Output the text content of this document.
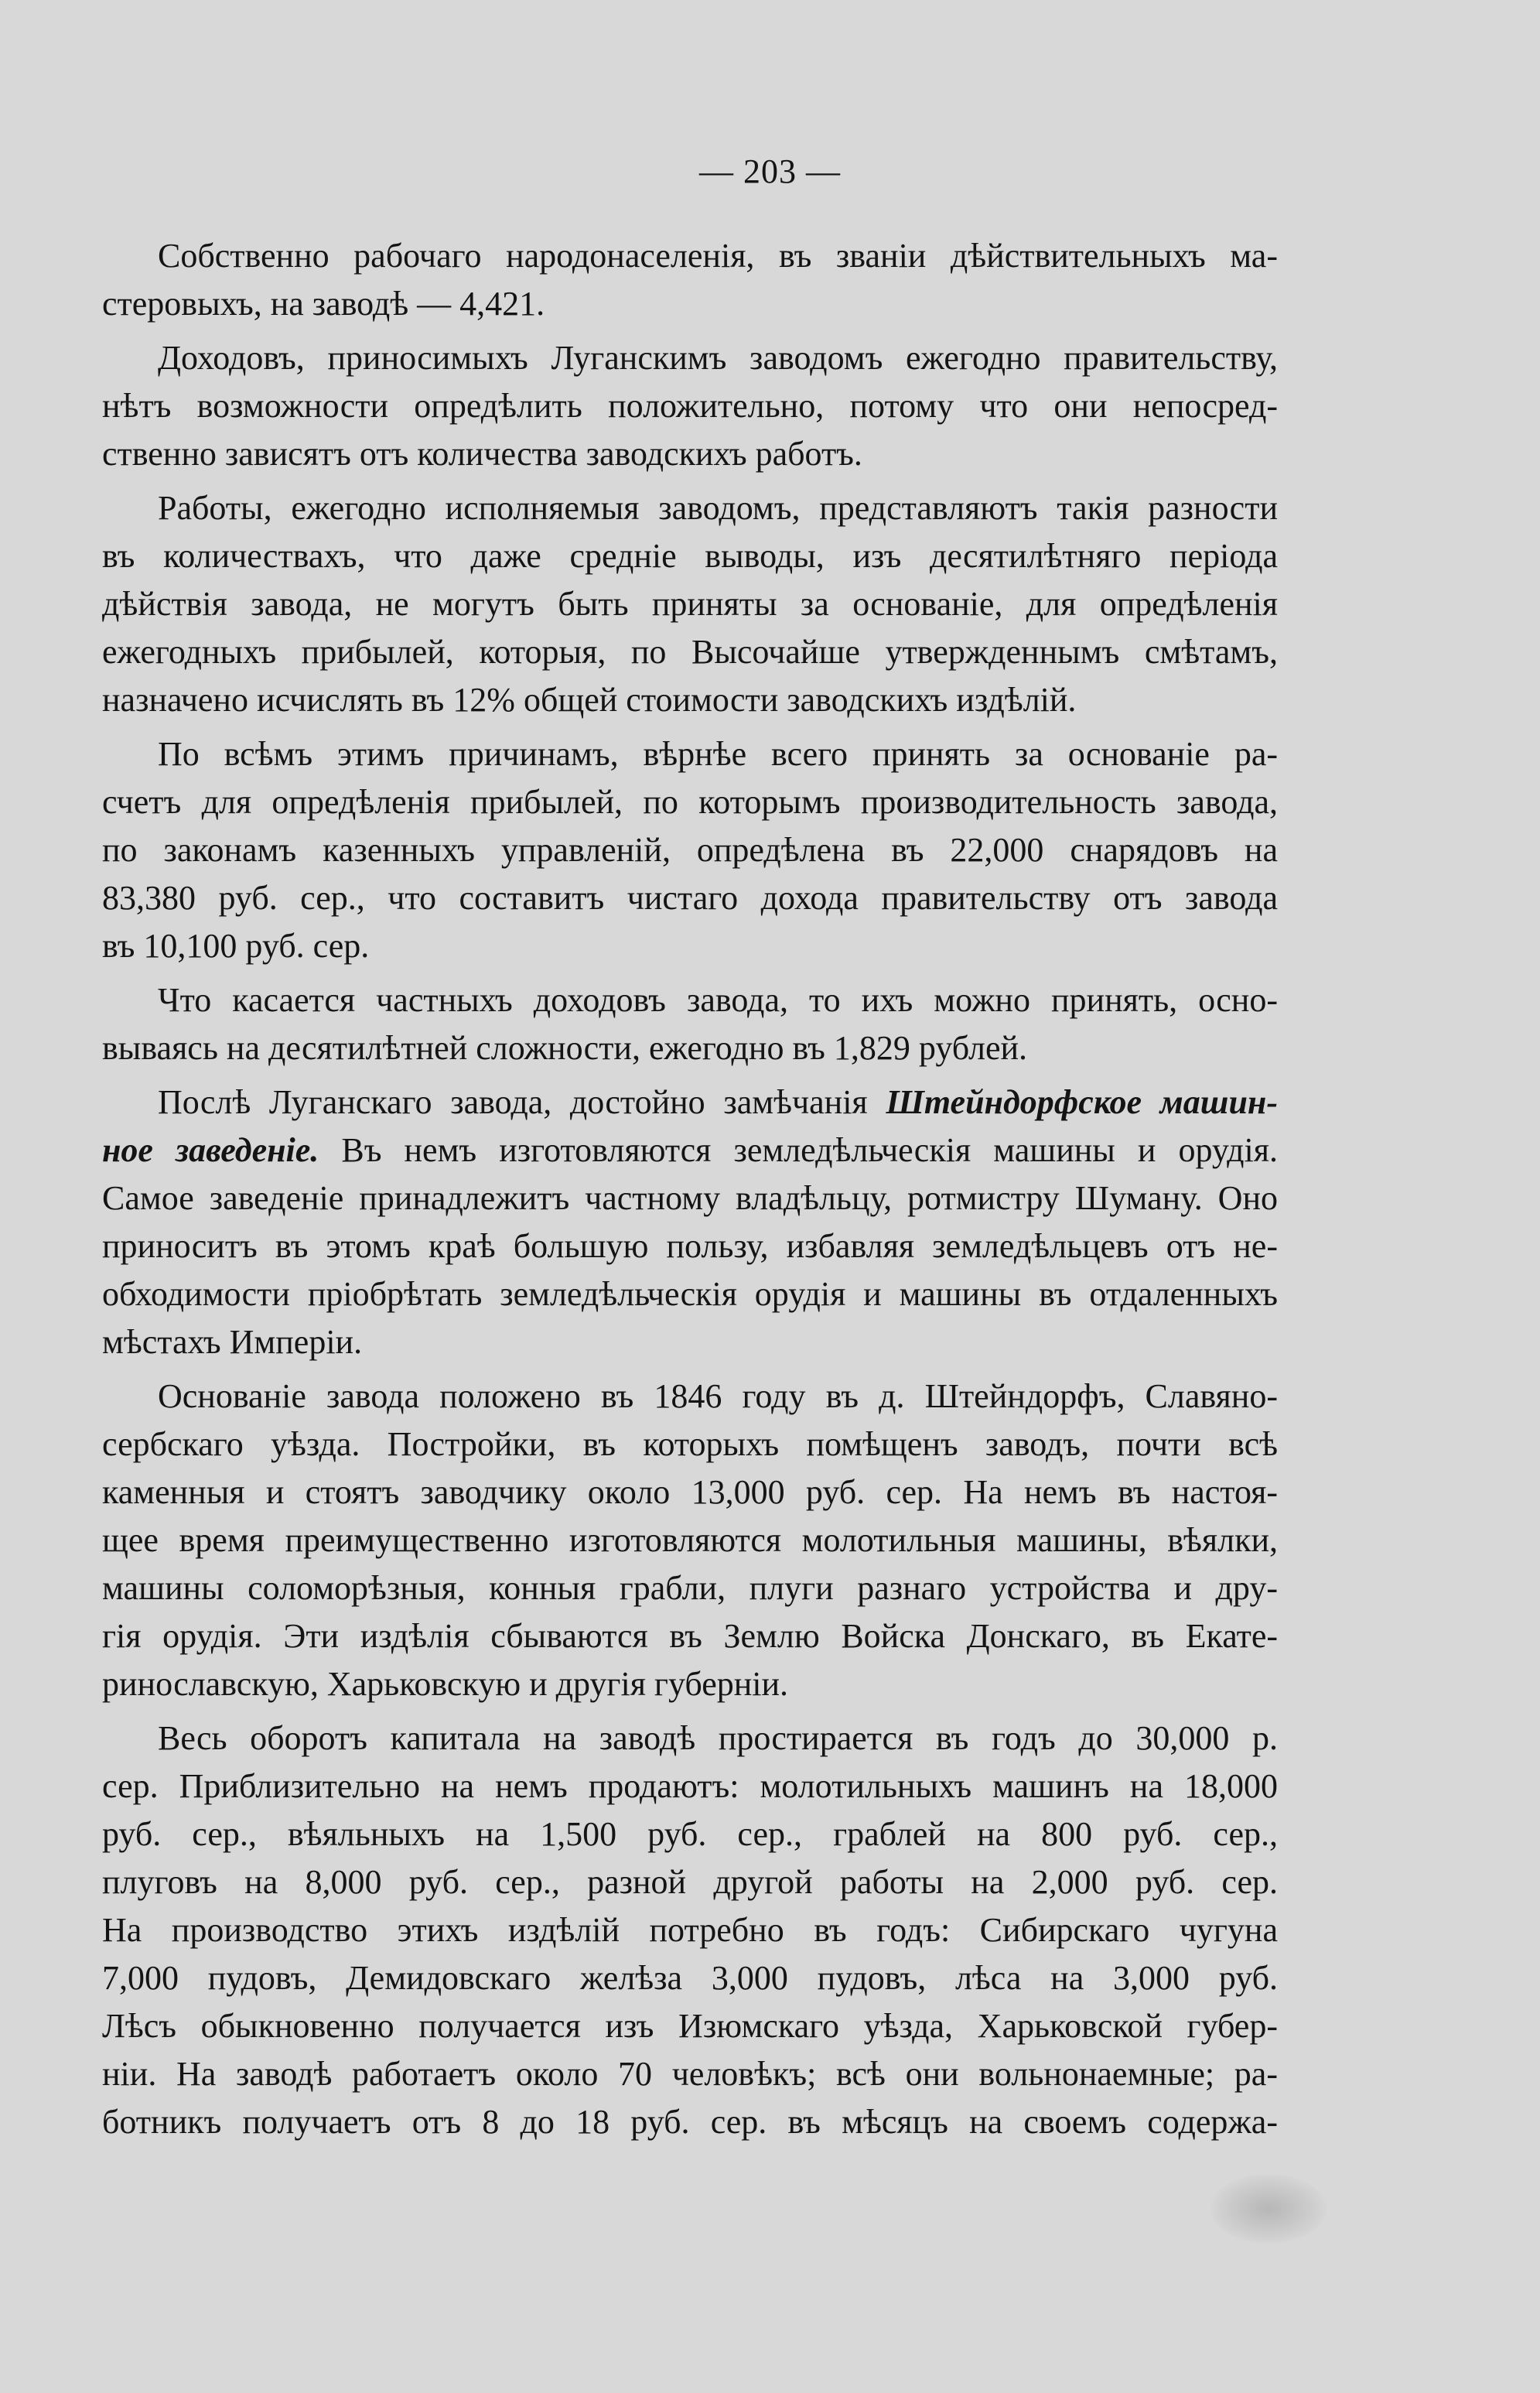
— 203 —
Собственно рабочаго народонаселенія, въ званіи дѣйствительныхъ ма-
стеровыхъ, на заводѣ — 4,421.
Доходовъ, приносимыхъ Луганскимъ заводомъ ежегодно правительству,
нѣтъ возможности опредѣлить положительно, потому что они непосред-
ственно зависятъ отъ количества заводскихъ работъ.
Работы, ежегодно исполняемыя заводомъ, представляютъ такія разности
въ количествахъ, что даже средніе выводы, изъ десятилѣтняго періода
дѣйствія завода, не могутъ быть приняты за основаніе, для опредѣленія
ежегодныхъ прибылей, которыя, по Высочайше утвержденнымъ смѣтамъ,
назначено исчислять въ 12% общей стоимости заводскихъ издѣлій.
По всѣмъ этимъ причинамъ, вѣрнѣе всего принять за основанiе ра-
счетъ для опредѣленія прибылей, по которымъ производительность завода,
по законамъ казенныхъ управленій, опредѣлена въ 22,000 снарядовъ на
83,380 руб. сер., что составитъ чистаго дохода правительству отъ завода
въ 10,100 руб. сер.
Что касается частныхъ доходовъ завода, то ихъ можно принять, осно-
вываясь на десятилѣтней сложности, ежегодно въ 1,829 рублей.
Послѣ Луганскаго завода, достойно замѣчанія Штейндорфское машин-
ное заведеніе. Въ немъ изготовляются земледѣльческія машины и орудія.
Самое заведеніе принадлежитъ частному владѣльцу, ротмистру Шуману. Оно
приноситъ въ этомъ краѣ большую пользу, избавляя земледѣльцевъ отъ не-
обходимости пріобрѣтать земледѣльческія орудія и машины въ отдаленныхъ
мѣстахъ Имперіи.
Основаніе завода положено въ 1846 году въ д. Штейндорфъ, Славяно-
сербскаго уѣзда. Постройки, въ которыхъ помѣщенъ заводъ, почти всѣ
каменныя и стоятъ заводчику около 13,000 руб. сер. На немъ въ настоя-
щее время преимущественно изготовляются молотильныя машины, вѣялки,
машины соломорѣзныя, конныя грабли, плуги разнаго устройства и дру-
гія орудія. Эти издѣлія сбываются въ Землю Войска Донскаго, въ Екате-
ринославскую, Харьковскую и другія губерніи.
Весь оборотъ капитала на заводѣ простирается въ годъ до 30,000 р.
сер. Приблизительно на немъ продаютъ: молотильныхъ машинъ на 18,000
руб. сер., вѣяльныхъ на 1,500 руб. сер., граблей на 800 руб. сер.,
плуговъ на 8,000 руб. сер., разной другой работы на 2,000 руб. сер.
На производство этихъ издѣлій потребно въ годъ: Сибирскаго чугуна
7,000 пудовъ, Демидовскаго желѣза 3,000 пудовъ, лѣса на 3,000 руб.
Лѣсъ обыкновенно получается изъ Изюмскаго уѣзда, Харьковской губер-
ніи. На заводѣ работаетъ около 70 человѣкъ; всѣ они вольнонаемные; ра-
ботникъ получаетъ отъ 8 до 18 руб. сер. въ мѣсяцъ на своемъ содержа-
